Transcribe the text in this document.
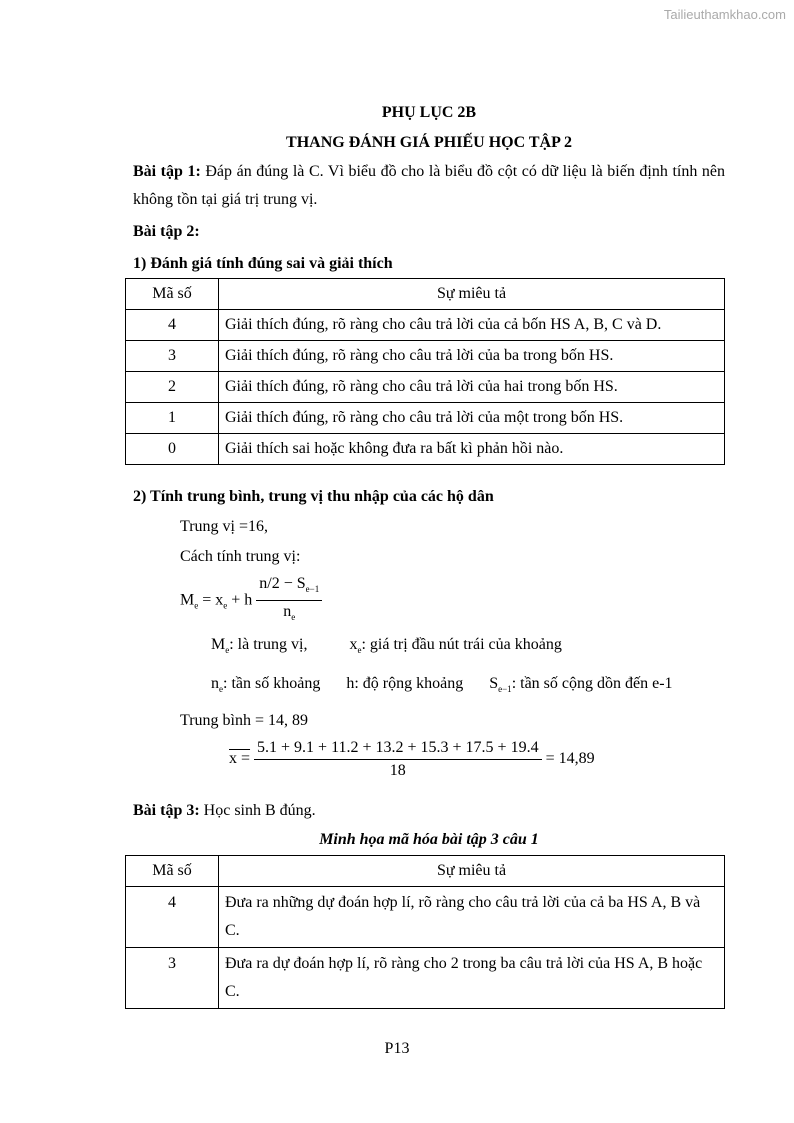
Tailieuthamkhao.com
PHỤ LỤC 2B
THANG ĐÁNH GIÁ PHIẾU HỌC TẬP 2

Bài tập 1: Đáp án đúng là C. Vì biểu đồ cho là biểu đồ cột có dữ liệu là biến định tính nên không tồn tại giá trị trung vị.

Bài tập 2:

1) Đánh giá tính đúng sai và giải thích

Mã số	Sự miêu tả
4	Giải thích đúng, rõ ràng cho câu trả lời của cả bốn HS A, B, C và D.
3	Giải thích đúng, rõ ràng cho câu trả lời của ba trong bốn HS.
2	Giải thích đúng, rõ ràng cho câu trả lời của hai trong bốn HS.
1	Giải thích đúng, rõ ràng cho câu trả lời của một trong bốn HS.
0	Giải thích sai hoặc không đưa ra bất kì phản hồi nào.

2) Tính trung bình, trung vị thu nhập của các hộ dân

Trung vị =16,

Cách tính trung vị:

$M_e = x_e + h \frac{n/2 - S_{e-1}}{n_e}$

$M_e$: là trung vị,	$x_e$: giá trị đầu nút trái của khoảng

$n_e$: tần số khoảng h: độ rộng khoảng $S_{e-1}$: tần số cộng dồn đến e-1

Trung bình = 14, 89

$x = \frac{5.1 + 9.1 + 11.2 + 13.2 + 15.3 + 17.5 + 19.4}{18} = 14,89$

Bài tập 3: Học sinh B đúng.

Minh họa mã hóa bài tập 3 câu 1
Mã số	Sự miêu tả
4	Đưa ra những dự đoán hợp lí, rõ ràng cho câu trả lời của cả ba HS A, B và C.
3	Đưa ra dự đoán hợp lí, rõ ràng cho 2 trong ba câu trả lời của HS A, B hoặc C.
P13
